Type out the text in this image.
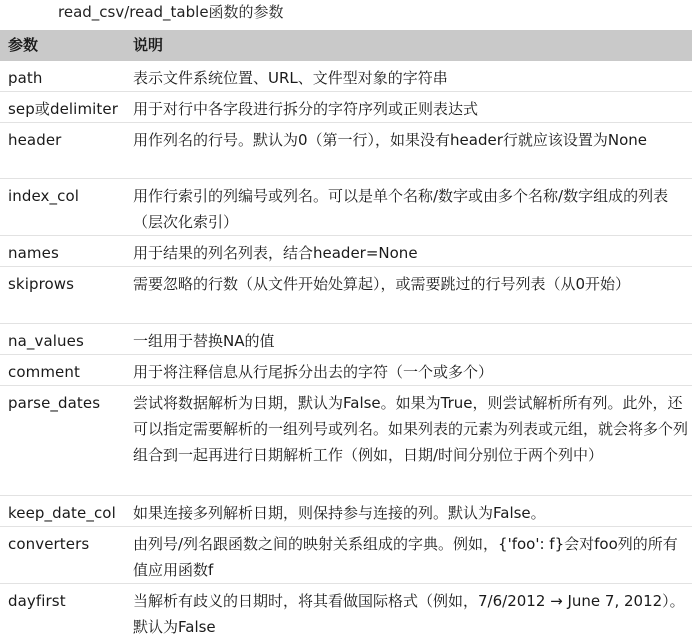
read_csv/read_table函数的参数
参数	说明
path	表示文件系统位置、URL、文件型对象的字符串
sep或delimiter 用于对行中各字段进行拆分的字符序列或正则表达式
header	用作列名的行号。默认为0（第一行），如果没有header行就应该设置为None
index_col	用作行索引的列编号或列名。可以是单个名称/数字或由多个名称/数字组成的列表（层次化索引）
names	用于结果的列名列表，结合header=None
skiprows	需要忽略的行数（从文件开始处算起），或需要跳过的行号列表（从0开始）
na_values	一组用于替换NA的值
comment	用于将注释信息从行尾拆分出去的字符（一个或多个）
parse_dates 尝试将数据解析为日期，默认为False。如果为True，则尝试解析所有列。此外，还可以指定需要解析的一组列号或列名。如果列表的元素为列表或元组，就会将多个列组合到一起再进行日期解析工作（例如，日期/时间分别位于两个列中）
keep_date_col 如果连接多列解析日期，则保持参与连接的列。默认为False。
converters	由列号/列名跟函数之间的映射关系组成的字典。例如，{'foo': f}会对foo列的所有值应用函数f
dayfirst	当解析有歧义的日期时，将其看做国际格式（例如，7/6/2012 → June 7, 2012）。默认为False
